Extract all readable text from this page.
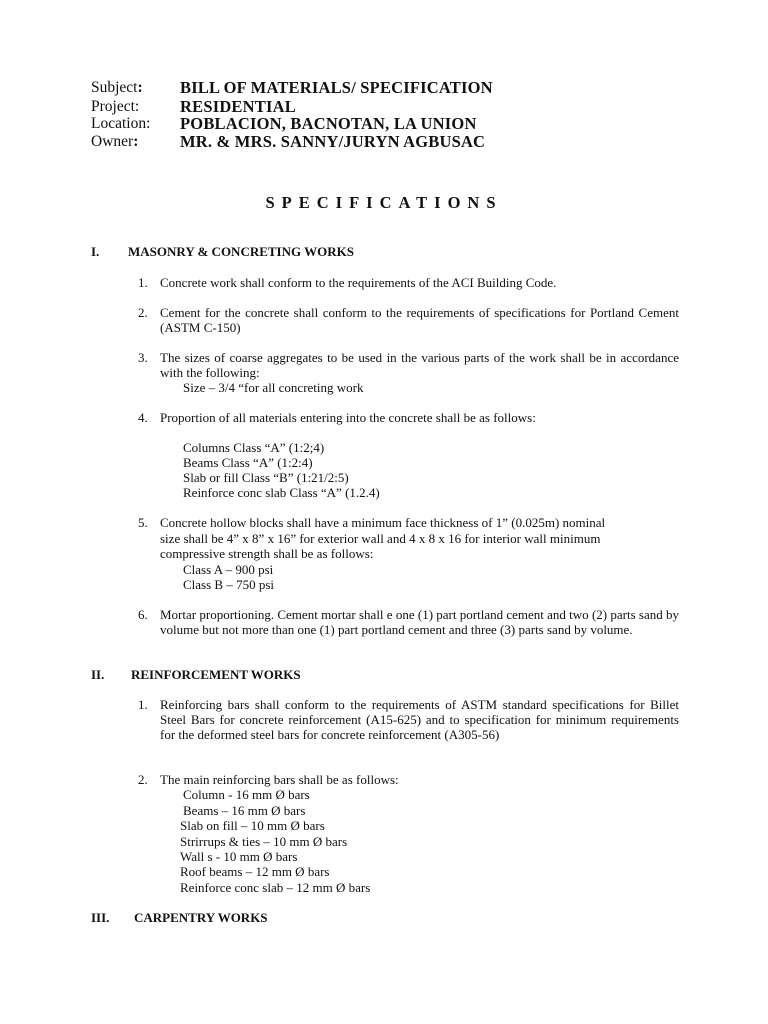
Subject: BILL OF MATERIALS/ SPECIFICATION
Project: RESIDENTIAL
Location: POBLACION, BACNOTAN, LA UNION
Owner:	MR. & MRS. SANNY/JURYN AGBUSAC
SPECIFICATIONS
I. MASONRY & CONCRETING WORKS
1. Concrete work shall conform to the requirements of the ACI Building Code.
2. Cement for the concrete shall conform to the requirements of specifications for Portland Cement (ASTM C-150)
3. The sizes of coarse aggregates to be used in the various parts of the work shall be in accordance with the following:
Size – 3/4 “for all concreting work
4. Proportion of all materials entering into the concrete shall be as follows:
Columns Class “A” (1:2;4)
Beams Class “A” (1:2:4)
Slab or fill Class “B” (1:21/2:5)
Reinforce conc slab Class “A” (1.2.4)
5. Concrete hollow blocks shall have a minimum face thickness of 1” (0.025m) nominal
size shall be 4” x 8” x 16” for exterior wall and 4 x 8 x 16 for interior wall minimum
compressive strength shall be as follows:
Class A – 900 psi
Class B – 750 psi
6. Mortar proportioning. Cement mortar shall e one (1) part portland cement and two (2) parts sand by volume but not more than one (1) part portland cement and three (3) parts sand by volume.
II. REINFORCEMENT WORKS
1. Reinforcing bars shall conform to the requirements of ASTM standard specifications for Billet Steel Bars for concrete reinforcement (A15-625) and to specification for minimum requirements for the deformed steel bars for concrete reinforcement (A305-56)
2. The main reinforcing bars shall be as follows:
Column - 16 mm Ø bars
Beams – 16 mm Ø bars
Slab on fill – 10 mm Ø bars
Strirrups & ties – 10 mm Ø bars
Wall s - 10 mm Ø bars
Roof beams – 12 mm Ø bars
Reinforce conc slab – 12 mm Ø bars
III. CARPENTRY WORKS
